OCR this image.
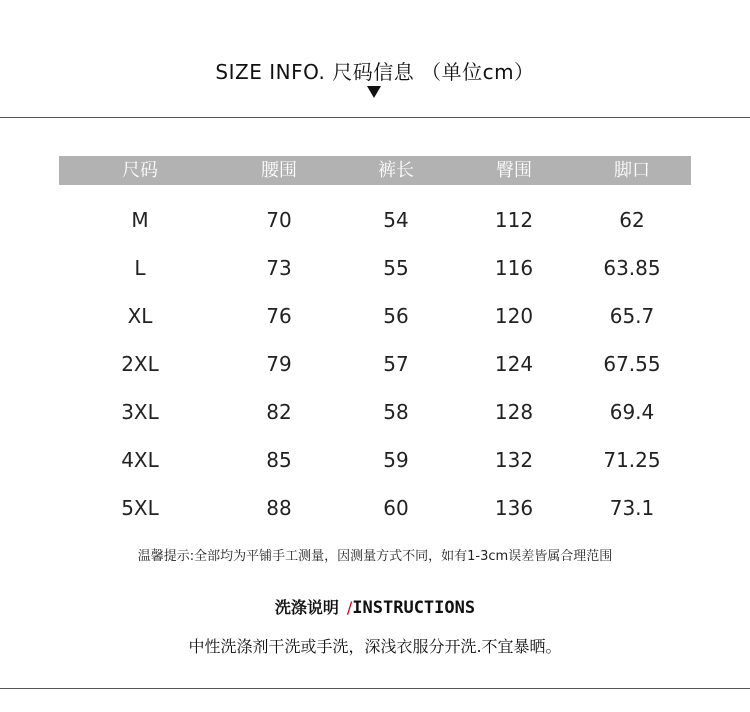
SIZE INFO. 尺码信息 （单位cm）
尺码	腰围	裤长	臀围	脚口
M	70	54	112	62
L	73	55	116	63.85
XL	76	56	120	65.7
2XL	79	57	124	67.55
3XL	82	58	128	69.4
4XL	85	59	132	71.25
5XL	88	60	136	73.1
温馨提示:全部均为平铺手工测量，因测量方式不同，如有1-3cm误差皆属合理范围
洗涤说明 /INSTRUCTIONS
中性洗涤剂干洗或手洗，深浅衣服分开洗.不宜暴晒。
